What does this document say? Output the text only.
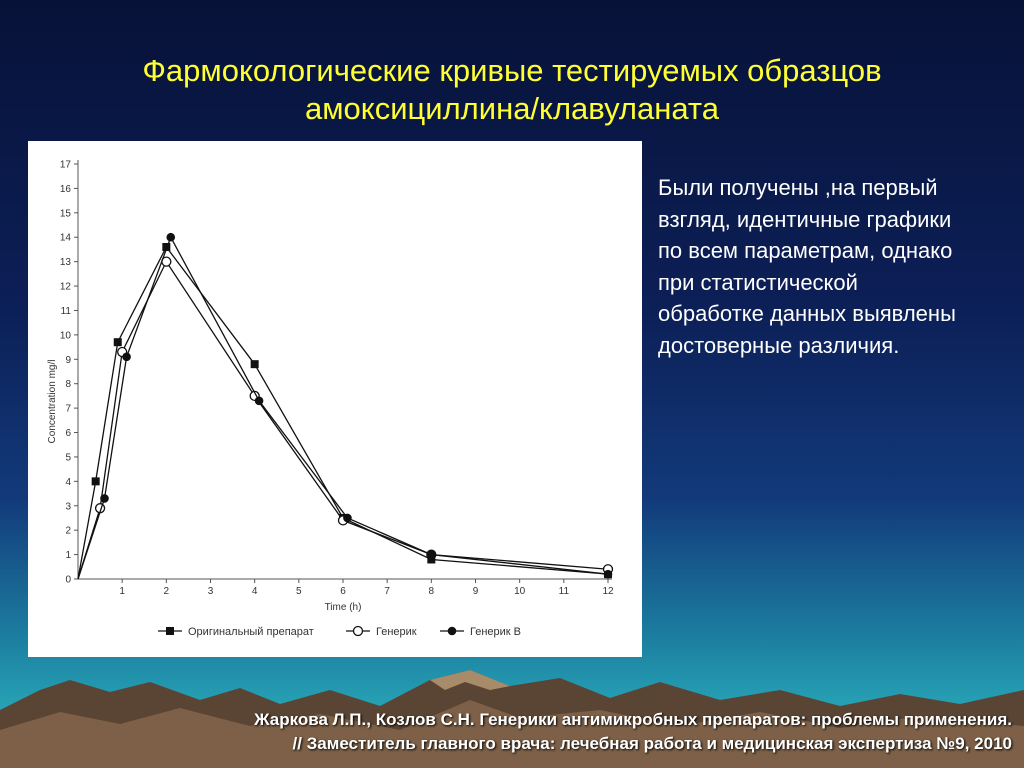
Фармокологические кривые тестируемых образцов
амоксициллина/клавуланата
0
1
2
3
4
5
6
7
8
9
10
11
12
13
14
15
16
17
1	2	3	4	5	6	7	8	9	10	11	12
Time (h)
Concentration mg/l
Оригинальный препарат	Генерик	Генерик В
Были получены ,на первый взгляд, идентичные графики по всем параметрам, однако при статистической обработке данных выявлены достоверные различия.
Жаркова Л.П., Козлов С.Н. Генерики антимикробных препаратов: проблемы применения.
// Заместитель главного врача: лечебная работа и медицинская экспертиза №9, 2010
